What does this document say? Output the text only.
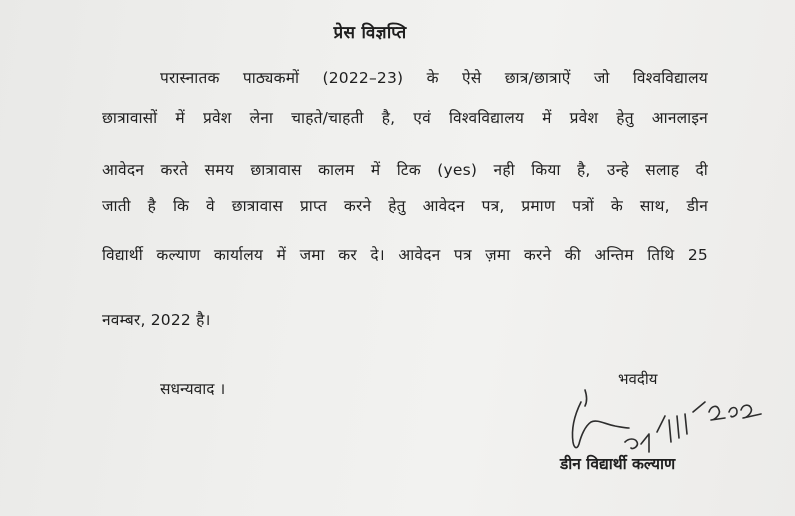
प्रेस विज्ञप्ति
परास्नातक पाठ्यकमों (2022–23) के ऐसे छात्र/छात्राऐं जो विश्वविद्यालय
छात्रावासों में प्रवेश लेना चाहते/चाहती है, एवं विश्वविद्यालय में प्रवेश हेतु आनलाइन
आवेदन करते समय छात्रावास कालम में टिक (yes) नही किया है, उन्हे सलाह दी
जाती है कि वे छात्रावास प्राप्त करने हेतु आवेदन पत्र, प्रमाण पत्रों के साथ, डीन
विद्यार्थी कल्याण कार्यालय में जमा कर दे। आवेदन पत्र ज़मा करने की अन्तिम तिथि 25
नवम्बर, 2022 है।
सधन्यवाद ।
भवदीय
डीन विद्यार्थी कल्याण
